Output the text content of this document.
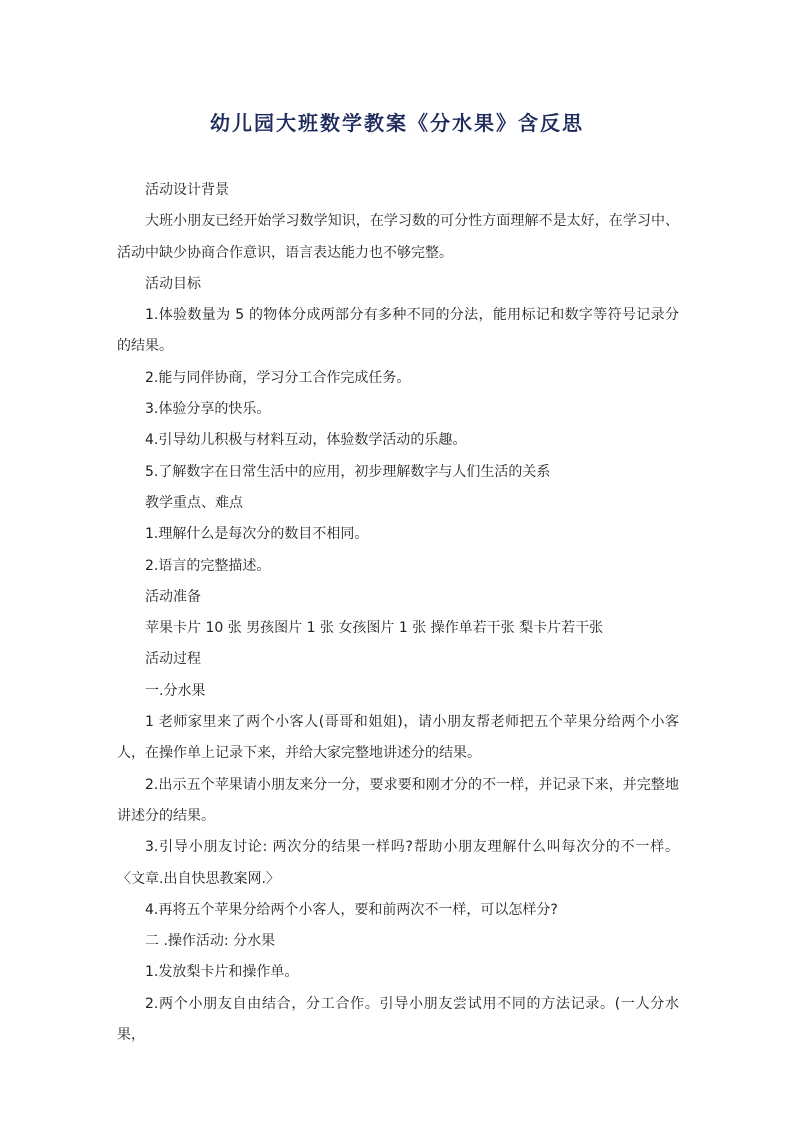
幼儿园大班数学教案《分水果》含反思

活动设计背景

大班小朋友已经开始学习数学知识，在学习数的可分性方面理解不是太好，在学习中、活动中缺少协商合作意识，语言表达能力也不够完整。

活动目标

1.体验数量为 5 的物体分成两部分有多种不同的分法，能用标记和数字等符号记录分的结果。

2.能与同伴协商，学习分工合作完成任务。

3.体验分享的快乐。

4.引导幼儿积极与材料互动，体验数学活动的乐趣。

5.了解数字在日常生活中的应用，初步理解数字与人们生活的关系

教学重点、难点

1.理解什么是每次分的数目不相同。

2.语言的完整描述。

活动准备

苹果卡片 10 张 男孩图片 1 张 女孩图片 1 张 操作单若干张 梨卡片若干张

活动过程

一.分水果

1 老师家里来了两个小客人(哥哥和姐姐)，请小朋友帮老师把五个苹果分给两个小客人，在操作单上记录下来，并给大家完整地讲述分的结果。

2.出示五个苹果请小朋友来分一分，要求要和刚才分的不一样，并记录下来，并完整地讲述分的结果。

3.引导小朋友讨论: 两次分的结果一样吗?帮助小朋友理解什么叫每次分的不一样。 〈文章.出自快思教案网.〉

4.再将五个苹果分给两个小客人，要和前两次不一样，可以怎样分?

二 .操作活动: 分水果

1.发放梨卡片和操作单。

2.两个小朋友自由结合，分工合作。引导小朋友尝试用不同的方法记录。(一人分水果，
